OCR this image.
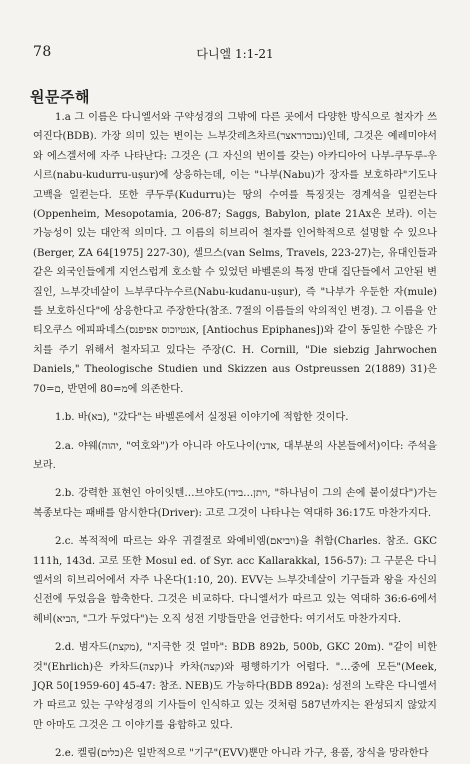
78	다니엘 1:1-21
원문주해

1.a 그 이름은 다니엘서와 구약성경의 그밖에 다른 곳에서 다양한 방식으로 철자가 쓰여진다(BDB). 가장 의미 있는 변이는 느부갓레츠차르(נבוכדראצר)인데, 그것은 예레미야서와 에스겔서에 자주 나타난다: 그것은 (그 자신의 번이를 갖는) 아카디아어 나부-쿠두루-우시르(nabu-kudurru-uṣur)에 상응하는데, 이는 "나부(Nabu)가 장자를 보호하라"기도나 고백을 일컫는다. 또한 쿠두루(Kudurru)는 땅의 수여를 특징짓는 경계석을 일컫는다(Oppenheim, Mesopotamia, 206-87; Saggs, Babylon, plate 21Ax은 보라). 이는 가능성이 있는 대안적 의미다. 그 이름의 히브리어 철자를 인어학적으로 설명할 수 있으나(Berger, ZA 64[1975] 227-30), 셀므스(van Selms, Travels, 223-27)는, 유대인들과 같은 외국인들에게 지언스럽게 호소할 수 있었던 바벨론의 특정 반대 집단들에서 고안된 변질인, 느부갓네살이 느부쿠다누수르(Nabu-kudanu-uṣur), 즉 "나부가 우둔한 자(mule)를 보호하신다"에 상응한다고 주장한다(참조. 7절의 이름들의 악의적인 변경). 그 이름을 안티오쿠스 에피파네스(אנטיוכוס אפיפנס, [Antiochus Epiphanes])와 같이 동일한 수많은 가치를 주기 위해서 철자되고 있다는 주장(C. H. Cornill, "Die siebzig Jahrwochen Daniels," Theologische Studien und Skizzen aus Ostpreussen 2(1889) 31)은 ם=70, 반면에 מ=80에 의존한다.

1.b. 바(בא), "갔다"는 바벨론에서 실정된 이야기에 적합한 것이다.

2.a. 야웨(יהוה, "여호와")가 아니라 아도나이(אדני, 대부분의 사본들에서)이다: 주석을 보라.

2.b. 강력한 표현인 아이잇텐…브야도(ויתן…בידו, "하나님이 그의 손에 붙이셨다")가는 복종보다는 패배를 암시한다(Driver): 고로 그것이 나타나는 역대하 36:17도 마찬가지다.

2.c. 복적적에 따르는 와우 귀결절로 와예비엠(ויביאם)을 취함(Charles. 참조. GKC 111h, 143d. 고로 또한 Mosul ed. of Syr. acc Kallarakkal, 156-57): 그 구문은 다니엘서의 히브리어에서 자주 나온다(1:10, 20). EVV는 느부갓네살이 기구들과 왕을 자신의 신전에 두었음을 함축한다. 그것은 비교하다. 다니엘서가 따르고 있는 역대하 36:6-6에서 헤비(הביא, "그가 두었다")는 오직 성전 기방들만을 언급한다: 여기서도 마찬가지다.

2.d. 범자드(מקצת), "지극한 것 얼마": BDB 892b, 500b, GKC 20m). "같이 비한 것"(Ehrlich)은 카차드(קצה)나 카차(קצה)와 평행하기가 어렵다. "…중에 모든"(Meek, JQR 50[1959-60] 45-47: 참조. NEB)도 가능하다(BDB 892a): 성전의 노략은 다니엘서가 따르고 있는 구약성경의 기사들이 인식하고 있는 것처럼 587년까지는 완성되지 않았지만 아마도 그것은 그 이야기를 융합하고 있다.

2.e. 켈림(כלים)은 일반적으로 "기구"(EVV)뿐만 아니라 가구, 용품, 장식을 망라한다
